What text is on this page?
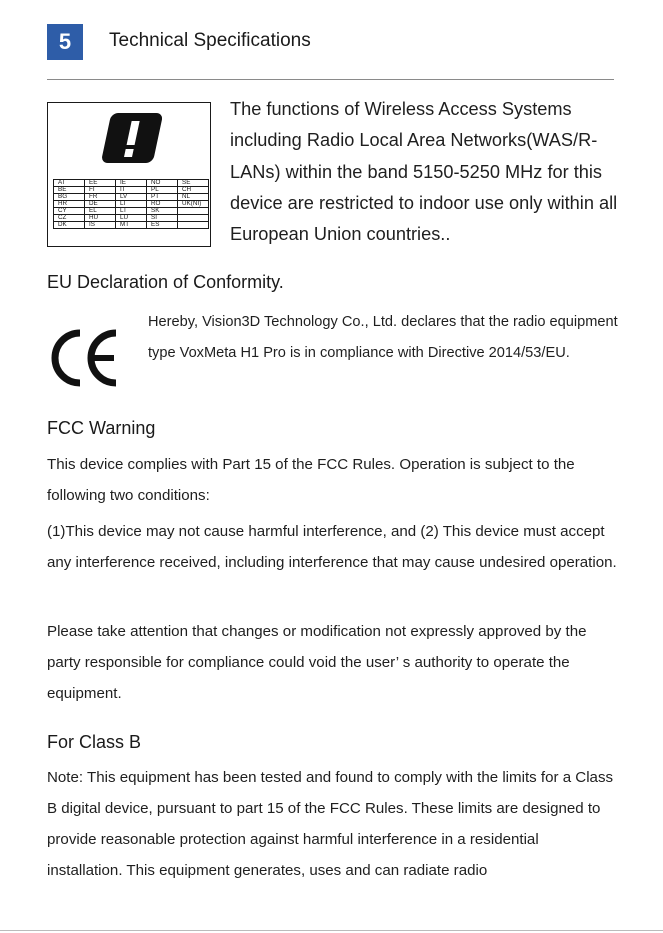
5	Technical Specifications
AT	EE	IE	NO	SE
BE	FI	IT	PL	CH
BG	FR	LV	PT	NL
HR	DE	LI	RO	UK(NI)
CY	EL	LT	SK	
CZ	HU	LU	SI	
DK	IS	MT	ES	
The functions of Wireless Access Systems including Radio Local Area Networks(WAS/R-LANs) within the band 5150-5250 MHz for this device are restricted to indoor use only within all European Union countries..
EU Declaration of Conformity.
Hereby, Vision3D Technology Co., Ltd. declares that the radio equipment type VoxMeta H1 Pro is in compliance with Directive 2014/53/EU.
FCC Warning
This device complies with Part 15 of the FCC Rules. Operation is subject to the following two conditions:
(1)This device may not cause harmful interference, and (2) This device must accept any interference received, including interference that may cause undesired operation.
Please take attention that changes or modification not expressly approved by the party responsible for compliance could void the user’ s authority to operate the equipment.
For Class B
Note: This equipment has been tested and found to comply with the limits for a Class B digital device, pursuant to part 15 of the FCC Rules. These limits are designed to provide reasonable protection against harmful interference in a residential installation. This equipment generates, uses and can radiate radio
